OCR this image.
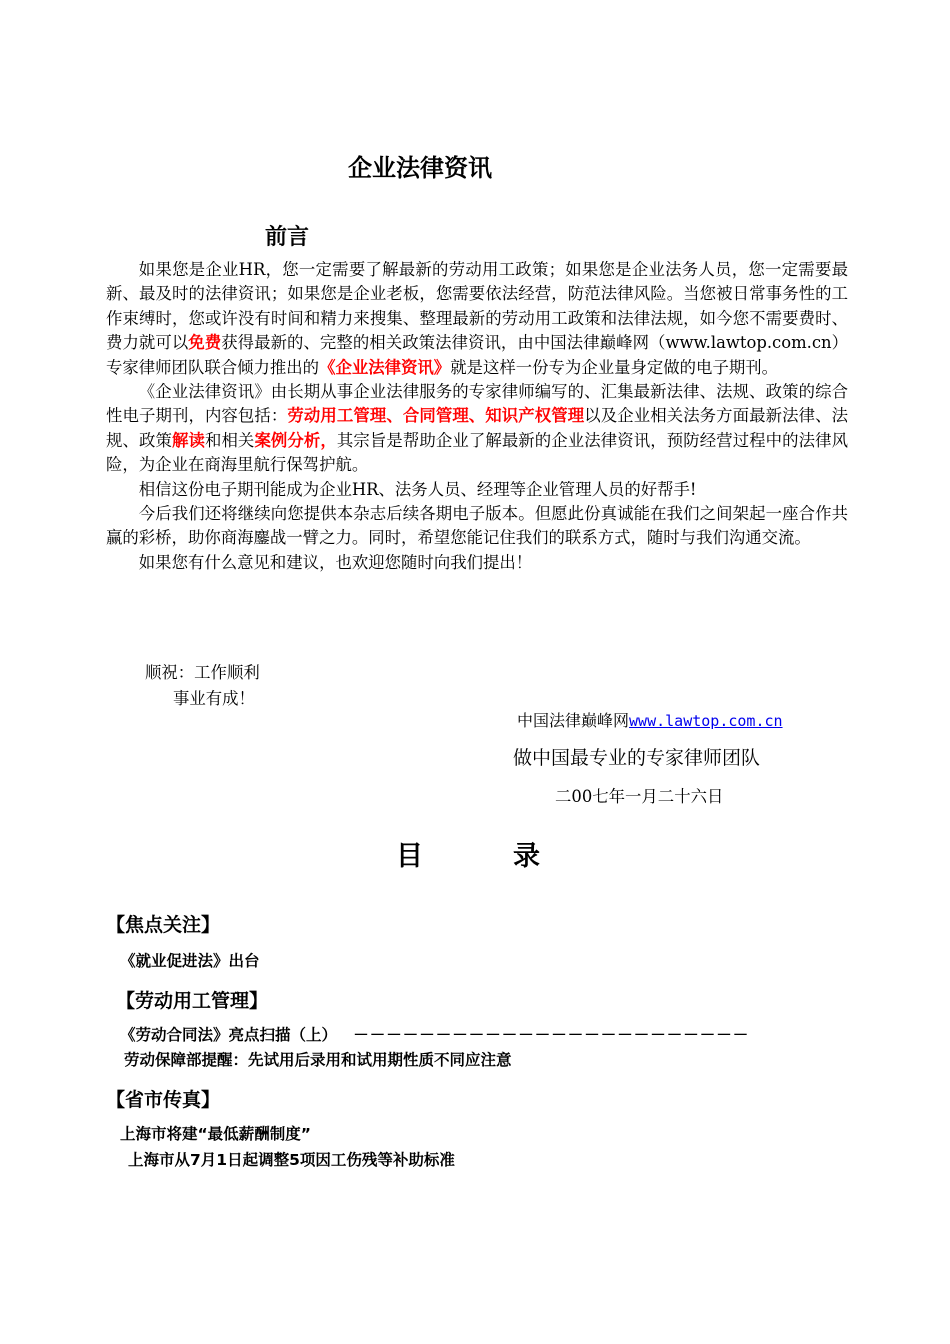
企业法律资讯
前言

如果您是企业HR，您一定需要了解最新的劳动用工政策；如果您是企业法务人员，您一定需要最新、最及时的法律资讯；如果您是企业老板，您需要依法经营，防范法律风险。当您被日常事务性的工作束缚时，您或许没有时间和精力来搜集、整理最新的劳动用工政策和法律法规，如今您不需要费时、费力就可以免费获得最新的、完整的相关政策法律资讯，由中国法律巅峰网（www.lawtop.com.cn）专家律师团队联合倾力推出的《企业法律资讯》就是这样一份专为企业量身定做的电子期刊。

《企业法律资讯》由长期从事企业法律服务的专家律师编写的、汇集最新法律、法规、政策的综合性电子期刊，内容包括：劳动用工管理、合同管理、知识产权管理以及企业相关法务方面最新法律、法规、政策解读和相关案例分析，其宗旨是帮助企业了解最新的企业法律资讯，预防经营过程中的法律风险，为企业在商海里航行保驾护航。

相信这份电子期刊能成为企业HR、法务人员、经理等企业管理人员的好帮手!

今后我们还将继续向您提供本杂志后续各期电子版本。但愿此份真诚能在我们之间架起一座合作共赢的彩桥，助你商海鏖战一臂之力。同时，希望您能记住我们的联系方式，随时与我们沟通交流。

如果您有什么意见和建议，也欢迎您随时向我们提出！

顺祝：工作顺利
事业有成！
中国法律巅峰网www.lawtop.com.cn
做中国最专业的专家律师团队
二00七年一月二十六日
目	录
【焦点关注】
《就业促进法》出台
【劳动用工管理】
《劳动合同法》亮点扫描（上） －－－－－－－－－－－－－－－－－－－－－－－－
劳动保障部提醒：先试用后录用和试用期性质不同应注意
【省市传真】
上海市将建“最低薪酬制度”
上海市从7月1日起调整5项因工伤残等补助标准
